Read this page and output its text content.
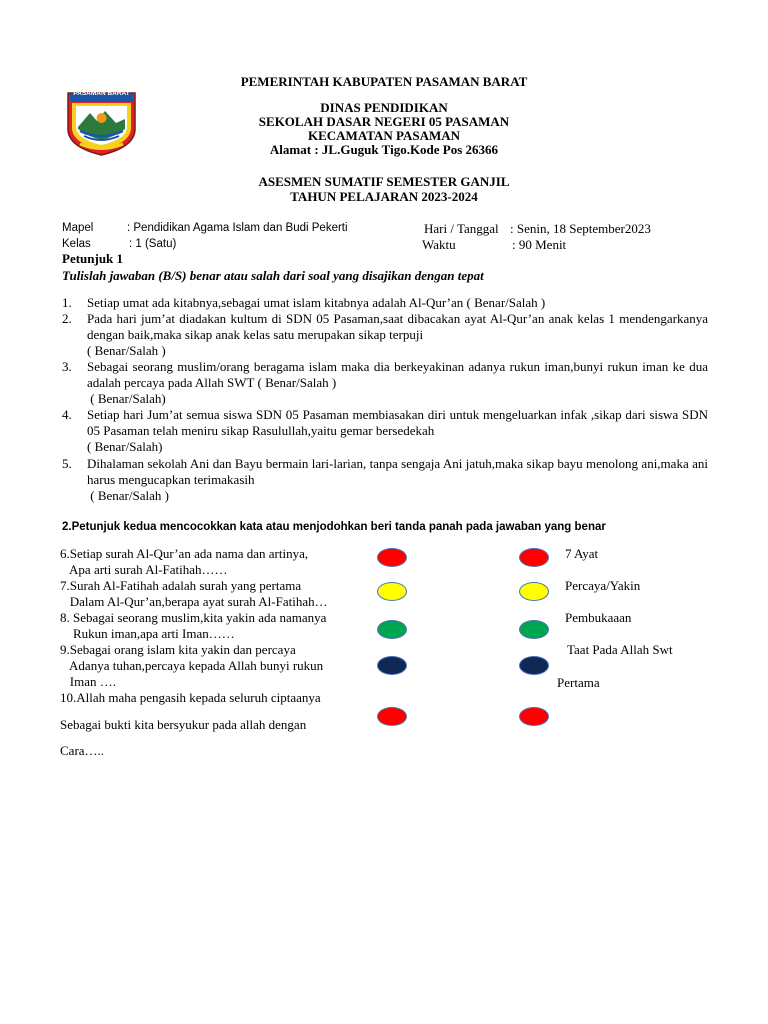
PASAMAN BARAT
PEMERINTAH KABUPATEN PASAMAN BARAT
DINAS PENDIDIKAN
SEKOLAH DASAR NEGERI 05 PASAMAN
KECAMATAN PASAMAN
Alamat : JL.Guguk Tigo.Kode Pos 26366
ASESMEN SUMATIF SEMESTER GANJIL
TAHUN PELAJARAN 2023-2024
Mapel	: Pendidikan Agama Islam dan Budi Pekerti
Kelas	: 1 (Satu)
Hari / Tanggal : Senin, 18 September2023
Waktu	: 90 Menit
Petunjuk 1
Tulislah jawaban (B/S) benar atau salah dari soal yang disajikan dengan tepat
1. Setiap umat ada kitabnya,sebagai umat islam kitabnya adalah Al-Qur’an ( Benar/Salah )
2. Pada hari jum’at diadakan kultum di SDN 05 Pasaman,saat dibacakan ayat Al-Qur’an anak kelas 1 mendengarkanya dengan baik,maka sikap anak kelas satu merupakan sikap terpuji
( Benar/Salah )
3. Sebagai seorang muslim/orang beragama islam maka dia berkeyakinan adanya rukun iman,bunyi rukun iman ke dua adalah percaya pada Allah SWT ( Benar/Salah )
( Benar/Salah)
4. Setiap hari Jum’at semua siswa SDN 05 Pasaman membiasakan diri untuk mengeluarkan infak ,sikap dari siswa SDN 05 Pasaman telah meniru sikap Rasulullah,yaitu gemar bersedekah
( Benar/Salah)
5. Dihalaman sekolah Ani dan Bayu bermain lari-larian, tanpa sengaja Ani jatuh,maka sikap bayu menolong ani,maka ani harus mengucapkan terimakasih
( Benar/Salah )
2.Petunjuk kedua mencocokkan kata atau menjodohkan beri tanda panah pada jawaban yang benar
6.Setiap surah Al-Qur’an ada nama dan artinya,
Apa arti surah Al-Fatihah……
7.Surah Al-Fatihah adalah surah yang pertama
Dalam Al-Qur’an,berapa ayat surah Al-Fatihah…
8. Sebagai seorang muslim,kita yakin ada namanya
Rukun iman,apa arti Iman……
9.Sebagai orang islam kita yakin dan percaya
Adanya tuhan,percaya kepada Allah bunyi rukun
Iman ….
10.Allah maha pengasih kepada seluruh ciptaanya
Sebagai bukti kita bersyukur pada allah dengan
Cara…..
7 Ayat
Percaya/Yakin
Pembukaaan
Taat Pada Allah Swt
Pertama
